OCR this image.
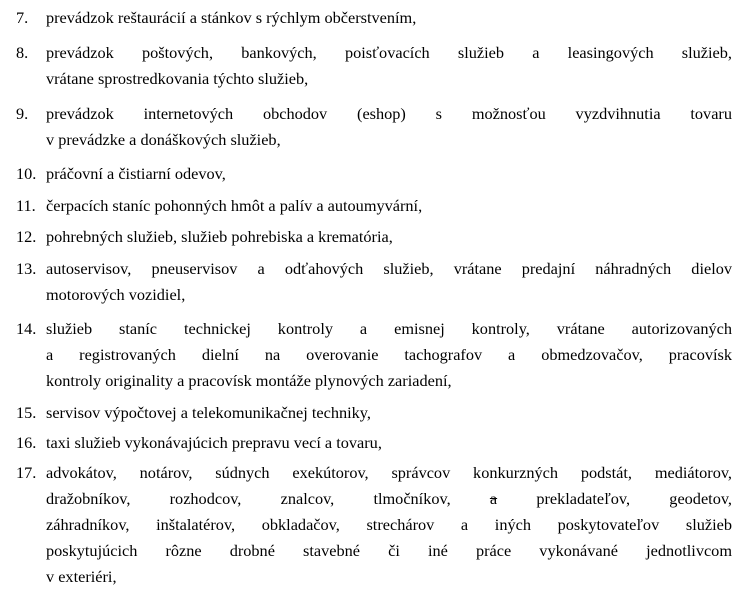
7. prevádzok reštaurácií a stánkov s rýchlym občerstvením,
8. prevádzok poštových, bankových, poisťovacích služieb a leasingových služieb,
vrátane sprostredkovania týchto služieb,
9. prevádzok internetových obchodov (eshop) s možnosťou vyzdvihnutia tovaru
v prevádzke a donáškových služieb,
10. práčovní a čistiarní odevov,
11. čerpacích staníc pohonných hmôt a palív a autoumyvární,
12. pohrebných služieb, služieb pohrebiska a krematória,
13. autoservisov, pneuservisov a odťahových služieb, vrátane predajní náhradných dielov
motorových vozidiel,
14. služieb staníc technickej kontroly a emisnej kontroly, vrátane autorizovaných
a registrovaných dielní na overovanie tachografov a obmedzovačov, pracovísk
kontroly originality a pracovísk montáže plynových zariadení,
15. servisov výpočtovej a telekomunikačnej techniky,
16. taxi služieb vykonávajúcich prepravu vecí a tovaru,
17. advokátov, notárov, súdnych exekútorov, správcov konkurzných podstát, mediátorov,
dražobníkov, rozhodcov, znalcov, tlmočníkov, a prekladateľov, geodetov,
záhradníkov, inštalatérov, obkladačov, strechárov a iných poskytovateľov služieb
poskytujúcich rôzne drobné stavebné či iné práce vykonávané jednotlivcom
v exteriéri,
